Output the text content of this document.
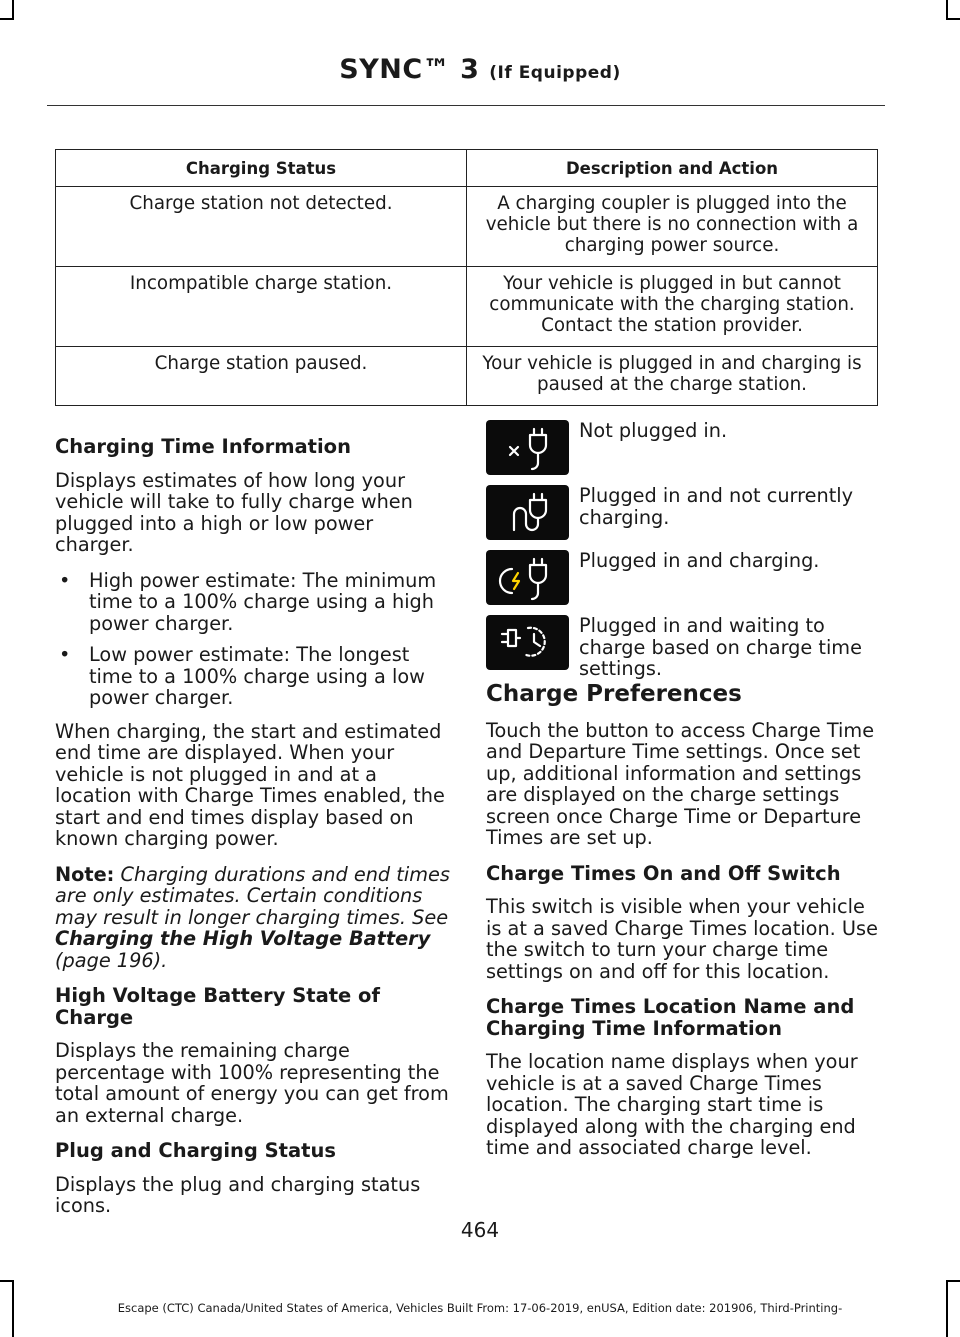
SYNC™ 3 (If Equipped)
Charging Status	Description and Action
Charge station not detected.	A charging coupler is plugged into the vehicle but there is no connection with a charging power source.
Incompatible charge station.	Your vehicle is plugged in but cannot communicate with the charging station. Contact the station provider.
Charge station paused.	Your vehicle is plugged in and charging is paused at the charge station.
Charging Time Information

Displays estimates of how long your vehicle will take to fully charge when plugged into a high or low power charger.

• High power estimate: The minimum time to a 100% charge using a high power charger.
• Low power estimate: The longest time to a 100% charge using a low power charger.

When charging, the start and estimated end time are displayed. When your vehicle is not plugged in and at a location with Charge Times enabled, the start and end times display based on known charging power.

Note: Charging durations and end times are only estimates. Certain conditions may result in longer charging times. See Charging the High Voltage Battery (page 196).

High Voltage Battery State of Charge

Displays the remaining charge percentage with 100% representing the total amount of energy you can get from an external charge.

Plug and Charging Status

Displays the plug and charging status icons.

Not plugged in.
Plugged in and not currently charging.
Plugged in and charging.
Plugged in and waiting to charge based on charge time settings.
Charge Preferences

Touch the button to access Charge Time and Departure Time settings. Once set up, additional information and settings are displayed on the charge settings screen once Charge Time or Departure Times are set up.

Charge Times On and Off Switch

This switch is visible when your vehicle is at a saved Charge Times location. Use the switch to turn your charge time settings on and off for this location.

Charge Times Location Name and Charging Time Information

The location name displays when your vehicle is at a saved Charge Times location. The charging start time is displayed along with the charging end time and associated charge level.

464
Escape (CTC) Canada/United States of America, Vehicles Built From: 17-06-2019, enUSA, Edition date: 201906, Third-Printing-
